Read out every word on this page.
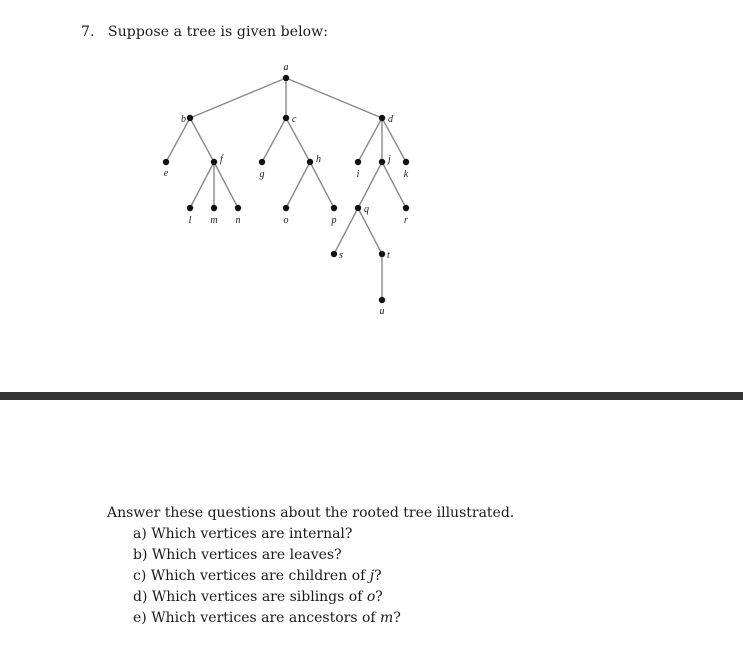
7. Suppose a tree is given below:
a
b	c	d
e
f
g
h
i
j
k
l m n	o	p
q
r
s	t
u
Answer these questions about the rooted tree illustrated.
a) Which vertices are internal?
b) Which vertices are leaves?
c) Which vertices are children of j?
d) Which vertices are siblings of o?
e) Which vertices are ancestors of m?
